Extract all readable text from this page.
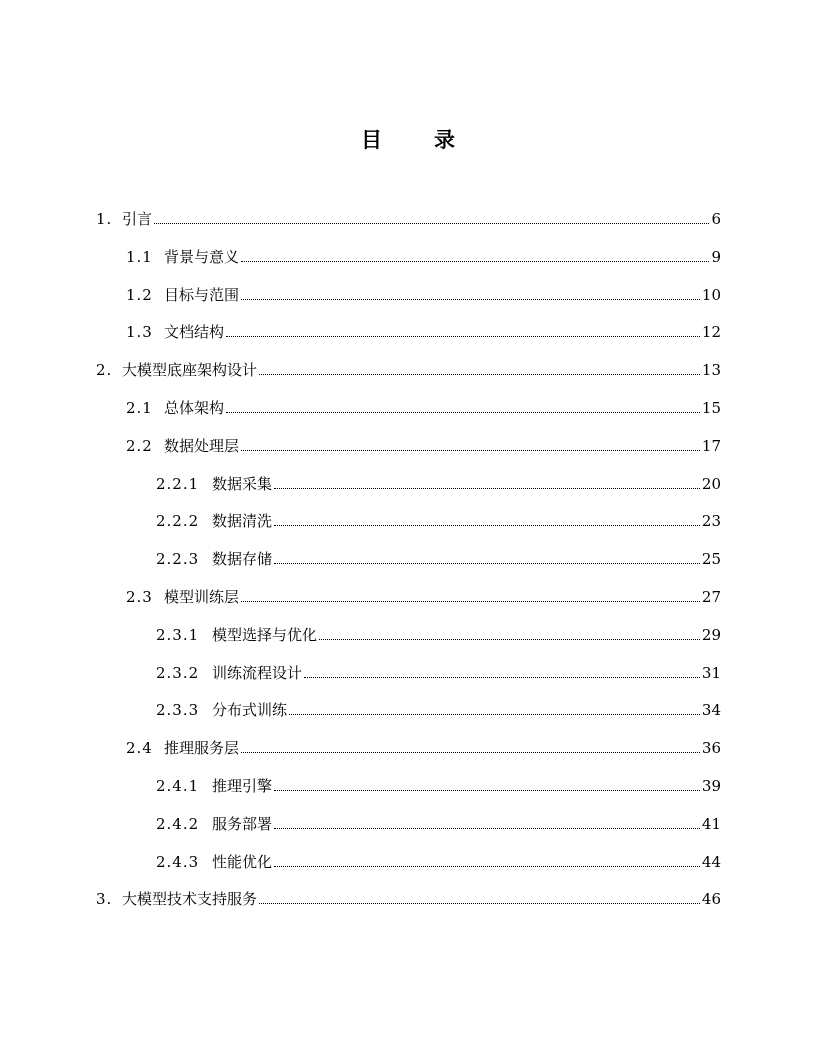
目 录
1. 引言	6
1.1 背景与意义	9
1.2 目标与范围	10
1.3 文档结构	12
2. 大模型底座架构设计	13
2.1 总体架构	15
2.2 数据处理层	17
2.2.1 数据采集	20
2.2.2 数据清洗	23
2.2.3 数据存储	25
2.3 模型训练层	27
2.3.1 模型选择与优化	29
2.3.2 训练流程设计	31
2.3.3 分布式训练	34
2.4 推理服务层	36
2.4.1 推理引擎	39
2.4.2 服务部署	41
2.4.3 性能优化	44
3. 大模型技术支持服务	46
